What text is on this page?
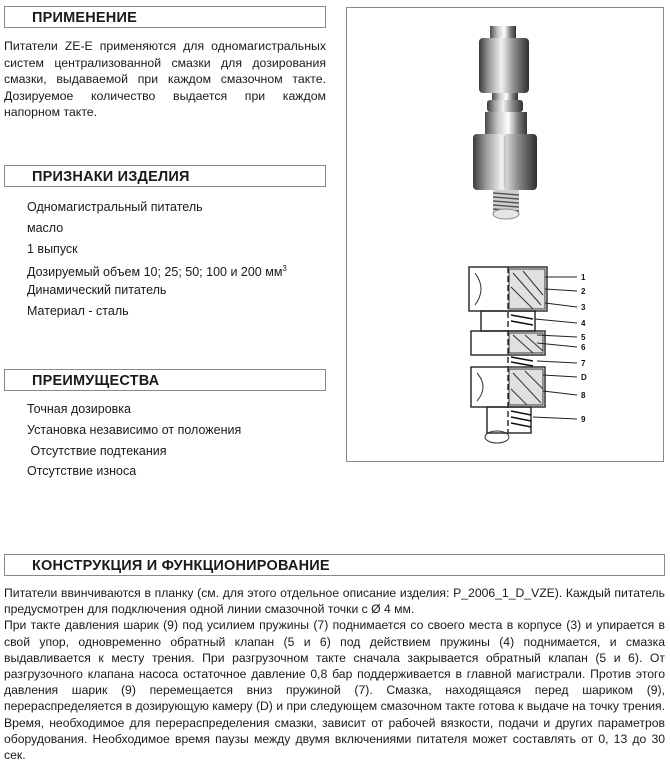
ПРИМЕНЕНИЕ

Питатели ZE-E применяются для одномагистральных систем централизованной смазки для дозирования смазки, выдаваемой при каждом смазочном такте. Дозируемое количество выдается при каждом напорном такте.

ПРИЗНАКИ ИЗДЕЛИЯ
Одномагистральный питатель
масло
1 выпуск
Дозируемый объем 10; 25; 50; 100 и 200 $мм^3$
Динамический питатель
Материал - сталь
ПРЕИМУЩЕСТВА
Точная дозировка
Установка независимо от положения
Отсутствие подтекания
Отсутствие износа
1
2
3
4
5
6
7
D
8
9
КОНСТРУКЦИЯ И ФУНКЦИОНИРОВАНИЕ

Питатели ввинчиваются в планку (см. для этого отдельное описание изделия: P_2006_1_D_VZE). Каждый питатель предусмотрен для подключения одной линии смазочной точки с Ø 4 мм.

При такте давления шарик (9) под усилием пружины (7) поднимается со своего места в корпусе (3) и упирается в свой упор, одновременно обратный клапан (5 и 6) под действием пружины (4) поднимается, и смазка выдавливается к месту трения. При разгрузочном такте сначала закрывается обратный клапан (5 и 6). От разгрузочного клапана насоса остаточное давление 0,8 бар поддерживается в главной магистрали. Против этого давления шарик (9) перемещается вниз пружиной (7). Смазка, находящаяся перед шариком (9), перераспределяется в дозирующую камеру (D) и при следующем смазочном такте готова к выдаче на точку трения. Время, необходимое для перераспределения смазки, зависит от рабочей вязкости, подачи и других параметров оборудования. Необходимое время паузы между двумя включениями питателя может составлять от 0, 13 до 30 сек.
